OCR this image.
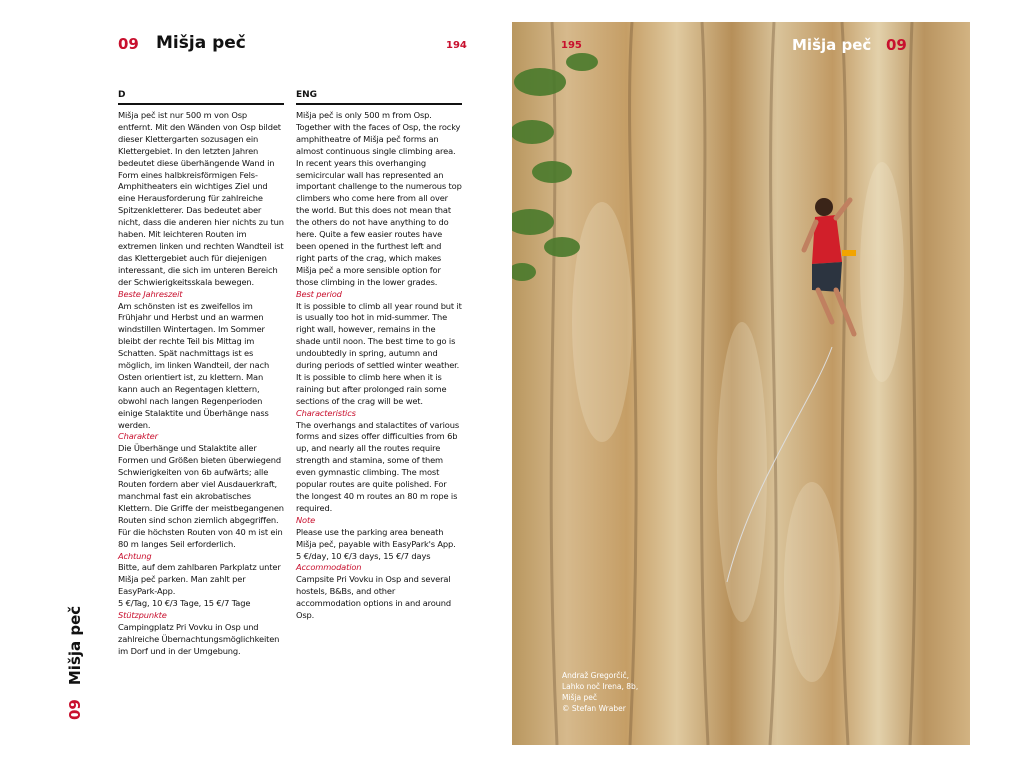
09 Mišja peč	194
D

Mišja peč ist nur 500 m von Osp entfernt. Mit den Wänden von Osp bildet dieser Klettergarten sozusagen ein Klettergebiet. In den letzten Jahren bedeutet diese überhängende Wand in Form eines halbkreisförmigen Fels-Amphitheaters ein wichtiges Ziel und eine Herausforderung für zahlreiche Spitzenkletterer. Das bedeutet aber nicht, dass die anderen hier nichts zu tun haben. Mit leichteren Routen im extremen linken und rechten Wandteil ist das Klettergebiet auch für diejenigen interessant, die sich im unteren Bereich der Schwierigkeitsskala bewegen.

Beste Jahreszeit

Am schönsten ist es zweifellos im Frühjahr und Herbst und an warmen windstillen Wintertagen. Im Sommer bleibt der rechte Teil bis Mittag im Schatten. Spät nachmittags ist es möglich, im linken Wandteil, der nach Osten orientiert ist, zu klettern. Man kann auch an Regentagen klettern, obwohl nach langen Regenperioden einige Stalaktite und Überhänge nass werden.

Charakter

Die Überhänge und Stalaktite aller Formen und Größen bieten überwiegend Schwierigkeiten von 6b aufwärts; alle Routen fordern aber viel Ausdauerkraft, manchmal fast ein akrobatisches Klettern. Die Griffe der meistbegangenen Routen sind schon ziemlich abgegriffen. Für die höchsten Routen von 40 m ist ein 80 m langes Seil erforderlich.

Achtung

Bitte, auf dem zahlbaren Parkplatz unter Mišja peč parken. Man zahlt per EasyPark-App.

5 €/Tag, 10 €/3 Tage, 15 €/7 Tage

Stützpunkte

Campingplatz Pri Vovku in Osp und zahlreiche Übernachtungsmöglichkeiten im Dorf und in der Umgebung.

ENG

Mišja peč is only 500 m from Osp. Together with the faces of Osp, the rocky amphitheatre of Mišja peč forms an almost continuous single climbing area. In recent years this overhanging semicircular wall has represented an important challenge to the numerous top climbers who come here from all over the world. But this does not mean that the others do not have anything to do here. Quite a few easier routes have been opened in the furthest left and right parts of the crag, which makes Mišja peč a more sensible option for those climbing in the lower grades.

Best period

It is possible to climb all year round but it is usually too hot in mid-summer. The right wall, however, remains in the shade until noon. The best time to go is undoubtedly in spring, autumn and during periods of settled winter weather. It is possible to climb here when it is raining but after prolonged rain some sections of the crag will be wet.

Characteristics

The overhangs and stalactites of various forms and sizes offer difficulties from 6b up, and nearly all the routes require strength and stamina, some of them even gymnastic climbing. The most popular routes are quite polished. For the longest 40 m routes an 80 m rope is required.

Note

Please use the parking area beneath Mišja peč, payable with EasyPark's App.

5 €/day, 10 €/3 days, 15 €/7 days

Accommodation

Campsite Pri Vovku in Osp and several hostels, B&Bs, and other accommodation options in and around Osp.

09Mišja peč
195	Mišja peč 09
Andraž Gregorčič,
Lahko noč Irena, 8b,
Mišja peč
© Stefan Wraber
